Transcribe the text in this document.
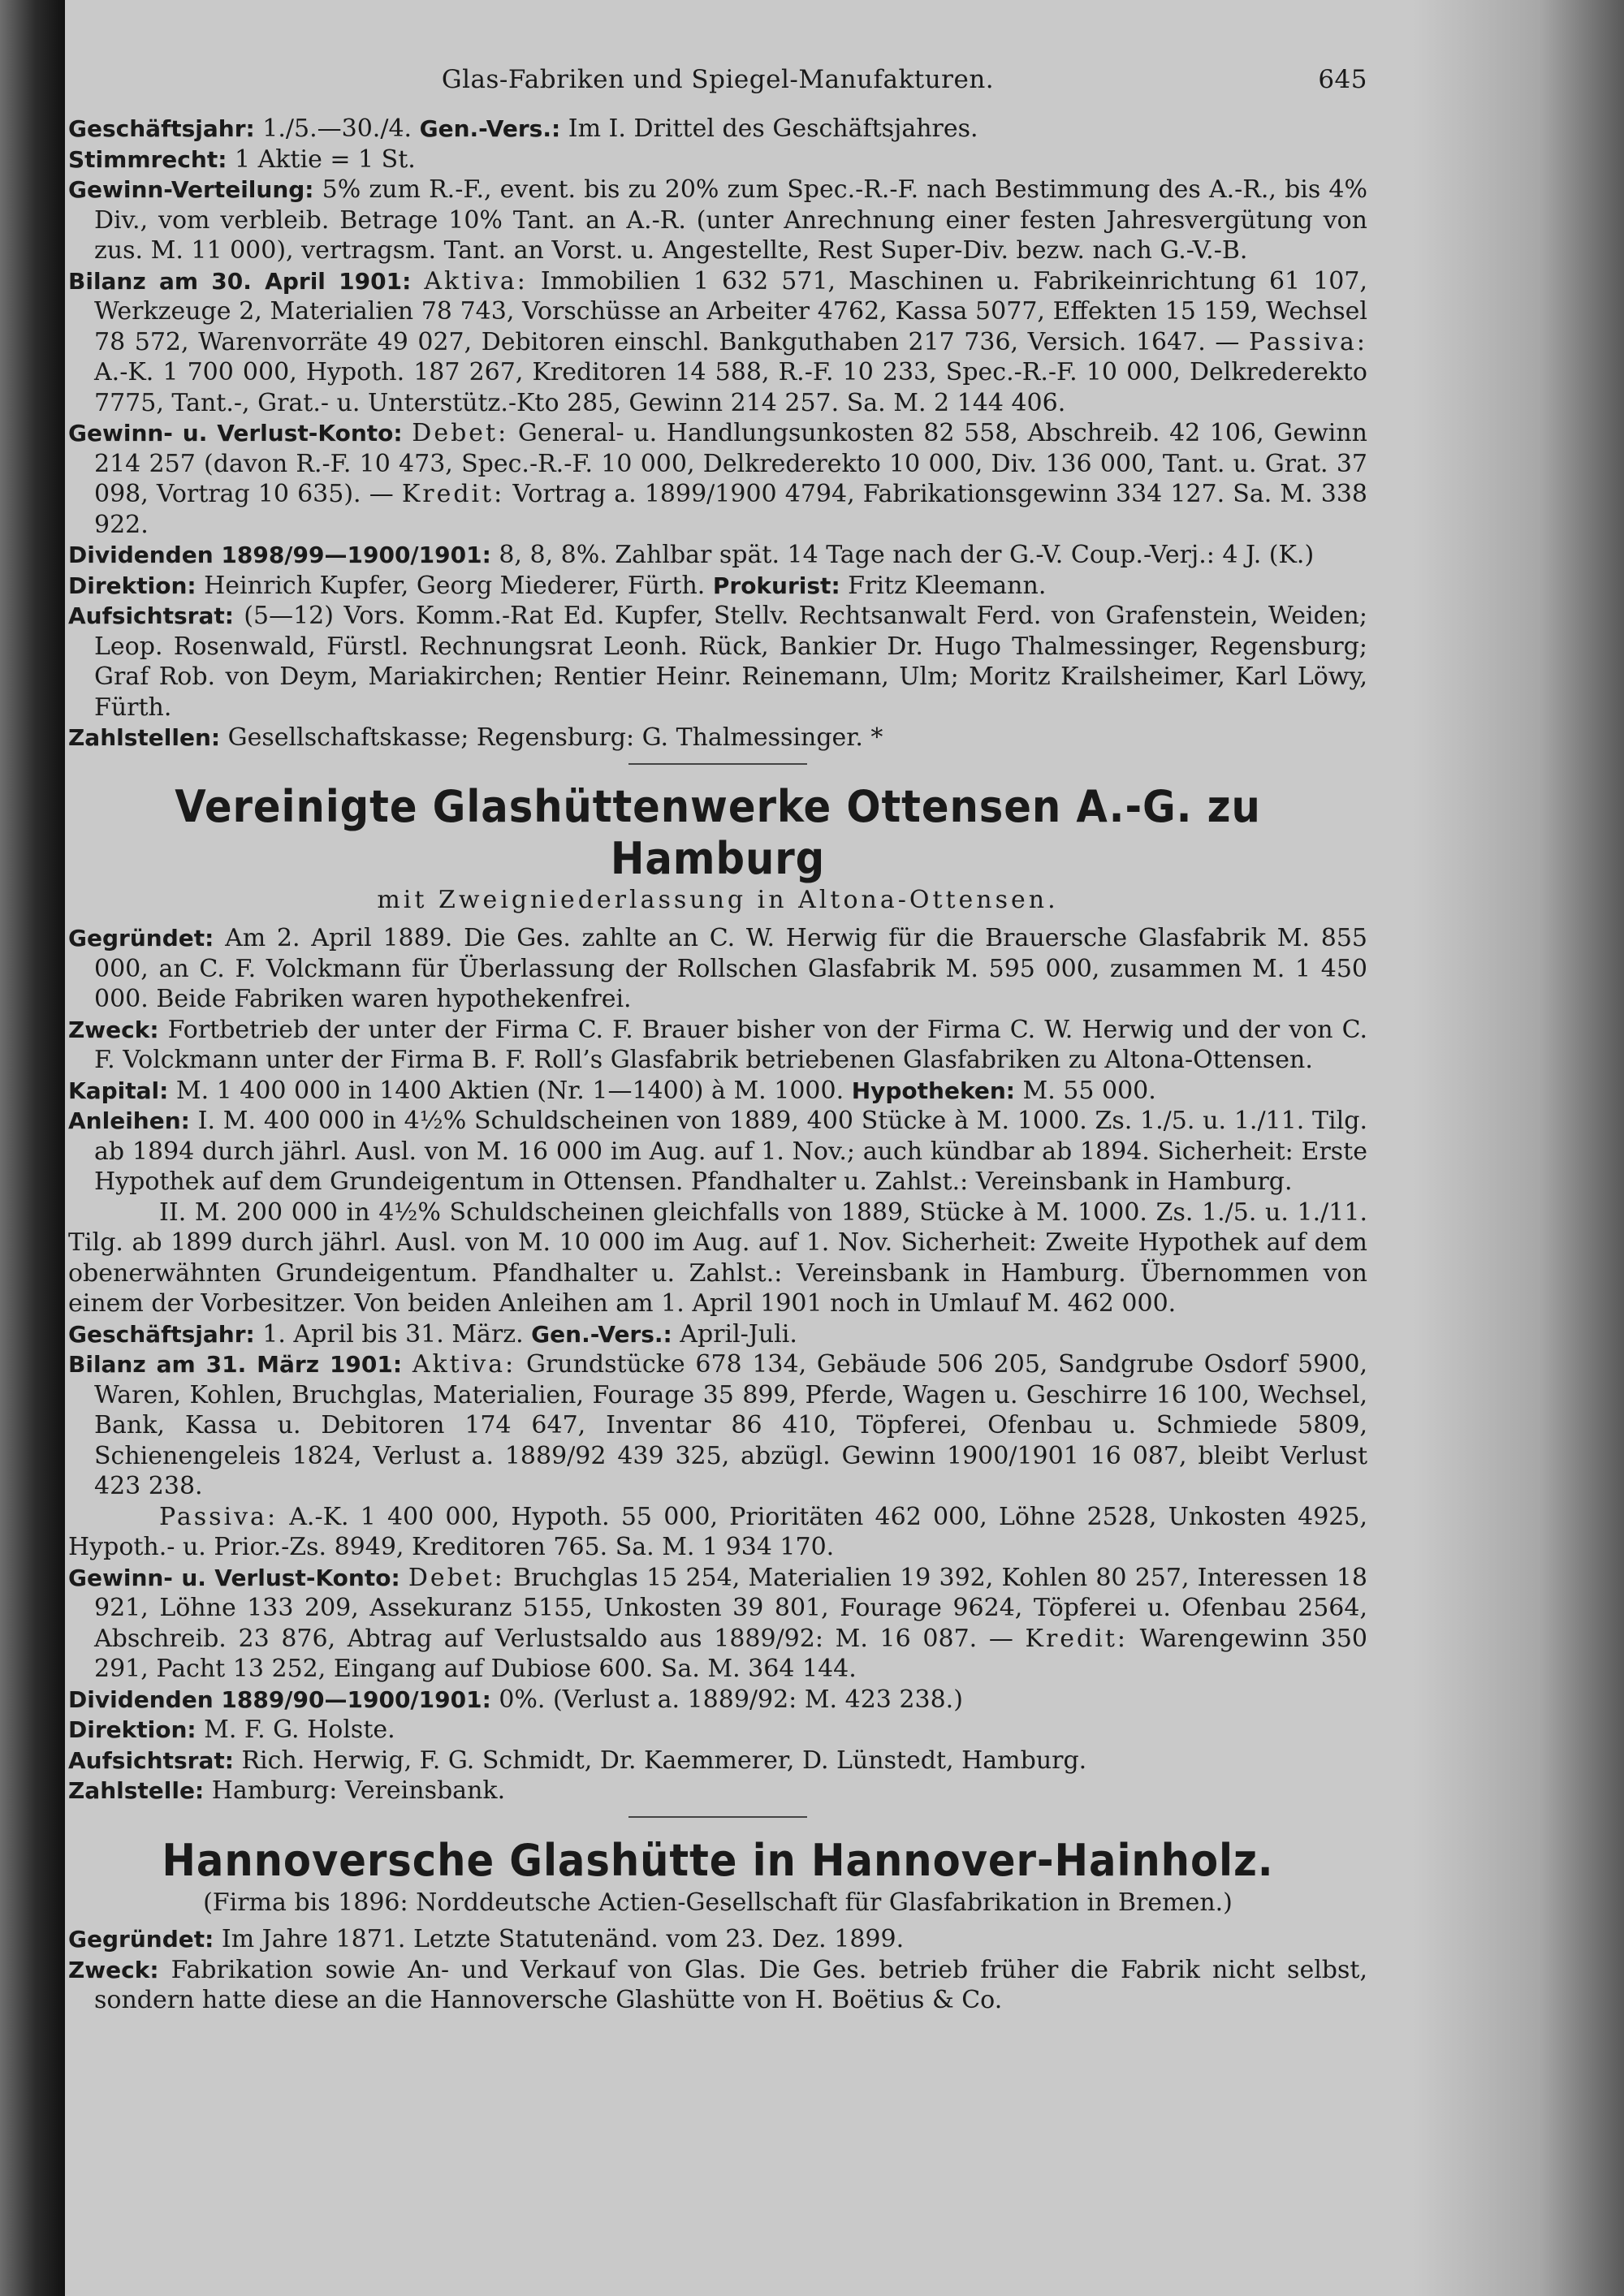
Glas-Fabriken und Spiegel-Manufakturen.	645

Geschäftsjahr: 1./5.—30./4. Gen.-Vers.: Im I. Drittel des Geschäftsjahres.

Stimmrecht: 1 Aktie = 1 St.

Gewinn-Verteilung: 5% zum R.-F., event. bis zu 20% zum Spec.-R.-F. nach Bestimmung des A.-R., bis 4% Div., vom verbleib. Betrage 10% Tant. an A.-R. (unter Anrechnung einer festen Jahresvergütung von zus. M. 11 000), vertragsm. Tant. an Vorst. u. Angestellte, Rest Super-Div. bezw. nach G.-V.-B.

Bilanz am 30. April 1901: Aktiva: Immobilien 1 632 571, Maschinen u. Fabrikeinrichtung 61 107, Werkzeuge 2, Materialien 78 743, Vorschüsse an Arbeiter 4762, Kassa 5077, Effekten 15 159, Wechsel 78 572, Warenvorräte 49 027, Debitoren einschl. Bankguthaben 217 736, Versich. 1647. — Passiva: A.-K. 1 700 000, Hypoth. 187 267, Kreditoren 14 588, R.-F. 10 233, Spec.-R.-F. 10 000, Delkrederekto 7775, Tant.-, Grat.- u. Unterstütz.-Kto 285, Gewinn 214 257. Sa. M. 2 144 406.

Gewinn- u. Verlust-Konto: Debet: General- u. Handlungsunkosten 82 558, Abschreib. 42 106, Gewinn 214 257 (davon R.-F. 10 473, Spec.-R.-F. 10 000, Delkrederekto 10 000, Div. 136 000, Tant. u. Grat. 37 098, Vortrag 10 635). — Kredit: Vortrag a. 1899/1900 4794, Fabrikationsgewinn 334 127. Sa. M. 338 922.

Dividenden 1898/99—1900/1901: 8, 8, 8%. Zahlbar spät. 14 Tage nach der G.-V. Coup.-Verj.: 4 J. (K.)

Direktion: Heinrich Kupfer, Georg Miederer, Fürth. Prokurist: Fritz Kleemann.

Aufsichtsrat: (5—12) Vors. Komm.-Rat Ed. Kupfer, Stellv. Rechtsanwalt Ferd. von Grafenstein, Weiden; Leop. Rosenwald, Fürstl. Rechnungsrat Leonh. Rück, Bankier Dr. Hugo Thalmessinger, Regensburg; Graf Rob. von Deym, Mariakirchen; Rentier Heinr. Reinemann, Ulm; Moritz Krailsheimer, Karl Löwy, Fürth.

Zahlstellen: Gesellschaftskasse; Regensburg: G. Thalmessinger. *

Vereinigte Glashüttenwerke Ottensen A.-G. zu Hamburg

mit Zweigniederlassung in Altona-Ottensen.

Gegründet: Am 2. April 1889. Die Ges. zahlte an C. W. Herwig für die Brauersche Glasfabrik M. 855 000, an C. F. Volckmann für Überlassung der Rollschen Glasfabrik M. 595 000, zusammen M. 1 450 000. Beide Fabriken waren hypothekenfrei.

Zweck: Fortbetrieb der unter der Firma C. F. Brauer bisher von der Firma C. W. Herwig und der von C. F. Volckmann unter der Firma B. F. Roll’s Glasfabrik betriebenen Glasfabriken zu Altona-Ottensen.

Kapital: M. 1 400 000 in 1400 Aktien (Nr. 1—1400) à M. 1000. Hypotheken: M. 55 000.

Anleihen: I. M. 400 000 in 4½% Schuldscheinen von 1889, 400 Stücke à M. 1000. Zs. 1./5. u. 1./11. Tilg. ab 1894 durch jährl. Ausl. von M. 16 000 im Aug. auf 1. Nov.; auch kündbar ab 1894. Sicherheit: Erste Hypothek auf dem Grundeigentum in Ottensen. Pfandhalter u. Zahlst.: Vereinsbank in Hamburg.

II. M. 200 000 in 4½% Schuldscheinen gleichfalls von 1889, Stücke à M. 1000. Zs. 1./5. u. 1./11. Tilg. ab 1899 durch jährl. Ausl. von M. 10 000 im Aug. auf 1. Nov. Sicherheit: Zweite Hypothek auf dem obenerwähnten Grundeigentum. Pfandhalter u. Zahlst.: Vereinsbank in Hamburg. Übernommen von einem der Vorbesitzer. Von beiden Anleihen am 1. April 1901 noch in Umlauf M. 462 000.

Geschäftsjahr: 1. April bis 31. März. Gen.-Vers.: April-Juli.

Bilanz am 31. März 1901: Aktiva: Grundstücke 678 134, Gebäude 506 205, Sandgrube Osdorf 5900, Waren, Kohlen, Bruchglas, Materialien, Fourage 35 899, Pferde, Wagen u. Geschirre 16 100, Wechsel, Bank, Kassa u. Debitoren 174 647, Inventar 86 410, Töpferei, Ofenbau u. Schmiede 5809, Schienengeleis 1824, Verlust a. 1889/92 439 325, abzügl. Gewinn 1900/1901 16 087, bleibt Verlust 423 238.

Passiva: A.-K. 1 400 000, Hypoth. 55 000, Prioritäten 462 000, Löhne 2528, Unkosten 4925, Hypoth.- u. Prior.-Zs. 8949, Kreditoren 765. Sa. M. 1 934 170.

Gewinn- u. Verlust-Konto: Debet: Bruchglas 15 254, Materialien 19 392, Kohlen 80 257, Interessen 18 921, Löhne 133 209, Assekuranz 5155, Unkosten 39 801, Fourage 9624, Töpferei u. Ofenbau 2564, Abschreib. 23 876, Abtrag auf Verlustsaldo aus 1889/92: M. 16 087. — Kredit: Warengewinn 350 291, Pacht 13 252, Eingang auf Dubiose 600. Sa. M. 364 144.

Dividenden 1889/90—1900/1901: 0%. (Verlust a. 1889/92: M. 423 238.)

Direktion: M. F. G. Holste.

Aufsichtsrat: Rich. Herwig, F. G. Schmidt, Dr. Kaemmerer, D. Lünstedt, Hamburg.

Zahlstelle: Hamburg: Vereinsbank.

Hannoversche Glashütte in Hannover-Hainholz.

(Firma bis 1896: Norddeutsche Actien-Gesellschaft für Glasfabrikation in Bremen.)

Gegründet: Im Jahre 1871. Letzte Statutenänd. vom 23. Dez. 1899.

Zweck: Fabrikation sowie An- und Verkauf von Glas. Die Ges. betrieb früher die Fabrik nicht selbst, sondern hatte diese an die Hannoversche Glashütte von H. Boëtius & Co.
